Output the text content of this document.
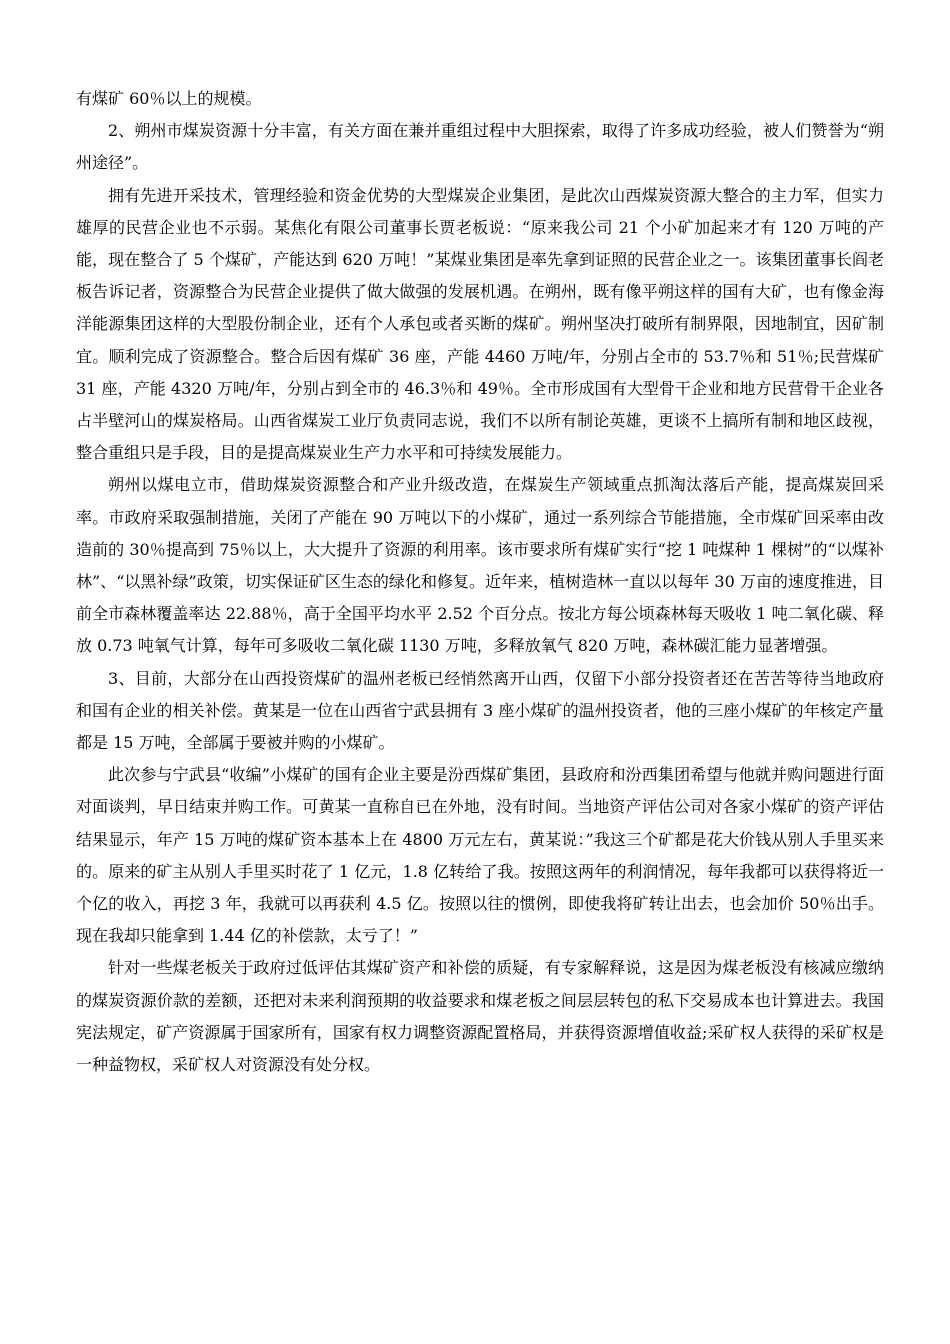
有煤矿 60％以上的规模。

2、朔州市煤炭资源十分丰富，有关方面在兼并重组过程中大胆探索，取得了许多成功经验，被人们赞誉为“朔州途径”。

拥有先进开采技术，管理经验和资金优势的大型煤炭企业集团，是此次山西煤炭资源大整合的主力军，但实力雄厚的民营企业也不示弱。某焦化有限公司董事长贾老板说：“原来我公司 21 个小矿加起来才有 120 万吨的产能，现在整合了 5 个煤矿，产能达到 620 万吨！”某煤业集团是率先拿到证照的民营企业之一。该集团董事长阎老板告诉记者，资源整合为民营企业提供了做大做强的发展机遇。在朔州，既有像平朔这样的国有大矿，也有像金海洋能源集团这样的大型股份制企业，还有个人承包或者买断的煤矿。朔州坚决打破所有制界限，因地制宜，因矿制宜。顺利完成了资源整合。整合后因有煤矿 36 座，产能 4460 万吨/年，分别占全市的 53.7％和 51％;民营煤矿 31 座，产能 4320 万吨/年，分别占到全市的 46.3％和 49％。全市形成国有大型骨干企业和地方民营骨干企业各占半壁河山的煤炭格局。山西省煤炭工业厅负责同志说，我们不以所有制论英雄，更谈不上搞所有制和地区歧视，整合重组只是手段，目的是提高煤炭业生产力水平和可持续发展能力。

朔州以煤电立市，借助煤炭资源整合和产业升级改造，在煤炭生产领域重点抓淘汰落后产能，提高煤炭回采率。市政府采取强制措施，关闭了产能在 90 万吨以下的小煤矿，通过一系列综合节能措施，全市煤矿回采率由改造前的 30％提高到 75％以上，大大提升了资源的利用率。该市要求所有煤矿实行“挖 1 吨煤种 1 棵树”的“以煤补林”、“以黑补绿”政策，切实保证矿区生态的绿化和修复。近年来，植树造林一直以以每年 30 万亩的速度推进，目前全市森林覆盖率达 22.88％，高于全国平均水平 2.52 个百分点。按北方每公顷森林每天吸收 1 吨二氧化碳、释放 0.73 吨氧气计算，每年可多吸收二氧化碳 1130 万吨，多释放氧气 820 万吨，森林碳汇能力显著增强。

3、目前，大部分在山西投资煤矿的温州老板已经悄然离开山西，仅留下小部分投资者还在苦苦等待当地政府和国有企业的相关补偿。黄某是一位在山西省宁武县拥有 3 座小煤矿的温州投资者，他的三座小煤矿的年核定产量都是 15 万吨，全部属于要被并购的小煤矿。

此次参与宁武县“收编”小煤矿的国有企业主要是汾西煤矿集团，县政府和汾西集团希望与他就并购问题进行面对面谈判，早日结束并购工作。可黄某一直称自已在外地，没有时间。当地资产评估公司对各家小煤矿的资产评估结果显示，年产 15 万吨的煤矿资本基本上在 4800 万元左右，黄某说：”我这三个矿都是花大价钱从别人手里买来的。原来的矿主从别人手里买时花了 1 亿元，1.8 亿转给了我。按照这两年的利润情况，每年我都可以获得将近一个亿的收入，再挖 3 年，我就可以再获利 4.5 亿。按照以往的惯例，即使我将矿转让出去，也会加价 50％出手。现在我却只能拿到 1.44 亿的补偿款，太亏了！”

针对一些煤老板关于政府过低评估其煤矿资产和补偿的质疑，有专家解释说，这是因为煤老板没有核减应缴纳的煤炭资源价款的差额，还把对未来利润预期的收益要求和煤老板之间层层转包的私下交易成本也计算进去。我国宪法规定，矿产资源属于国家所有，国家有权力调整资源配置格局，并获得资源增值收益;采矿权人获得的采矿权是一种益物权，采矿权人对资源没有处分权。
